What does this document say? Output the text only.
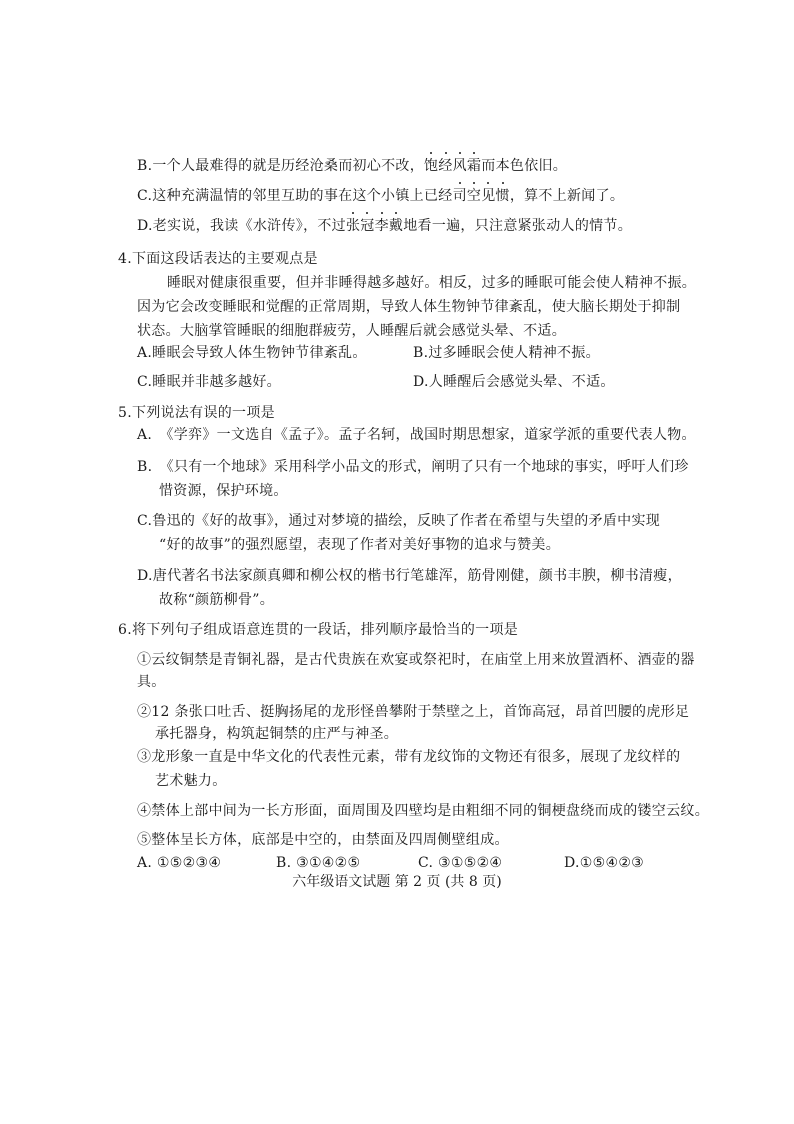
B.一个人最难得的就是历经沧桑而初心不改，饱经风霜而本色依旧。
C.这种充满温情的邻里互助的事在这个小镇上已经司空见惯，算不上新闻了。
D.老实说，我读《水浒传》，不过张冠李戴地看一遍，只注意紧张动人的情节。
4.下面这段话表达的主要观点是
睡眠对健康很重要，但并非睡得越多越好。相反，过多的睡眠可能会使人精神不振。
因为它会改变睡眠和觉醒的正常周期，导致人体生物钟节律紊乱，使大脑长期处于抑制
状态。大脑掌管睡眠的细胞群疲劳，人睡醒后就会感觉头晕、不适。
A.睡眠会导致人体生物钟节律紊乱。	B.过多睡眠会使人精神不振。
C.睡眠并非越多越好。	D.人睡醒后会感觉头晕、不适。
5.下列说法有误的一项是
A.　《学弈》一文选自《孟子》。孟子名轲，战国时期思想家，道家学派的重要代表人物。
B.　《只有一个地球》采用科学小品文的形式，阐明了只有一个地球的事实，呼吁人们珍
惜资源，保护环境。
C.鲁迅的《好的故事》，通过对梦境的描绘，反映了作者在希望与失望的矛盾中实现
“好的故事”的强烈愿望，表现了作者对美好事物的追求与赞美。
D.唐代著名书法家颜真卿和柳公权的楷书行笔雄浑，筋骨刚健，颜书丰腴，柳书清瘦，
故称“颜筋柳骨”。
6.将下列句子组成语意连贯的一段话，排列顺序最恰当的一项是
①云纹铜禁是青铜礼器，是古代贵族在欢宴或祭祀时，在庙堂上用来放置酒杯、酒壶的器
具。
②12 条张口吐舌、挺胸扬尾的龙形怪兽攀附于禁壁之上，首饰高冠，昂首凹腰的虎形足
承托器身，构筑起铜禁的庄严与神圣。
③龙形象一直是中华文化的代表性元素，带有龙纹饰的文物还有很多，展现了龙纹样的
艺术魅力。
④禁体上部中间为一长方形面，面周围及四壁均是由粗细不同的铜梗盘绕而成的镂空云纹。
⑤整体呈长方体，底部是中空的，由禁面及四周侧壁组成。
A. ①⑤②③④	B. ③①④②⑤	C. ③①⑤②④	D.①⑤④②③
六年级语文试题 第 2 页 (共 8 页)
